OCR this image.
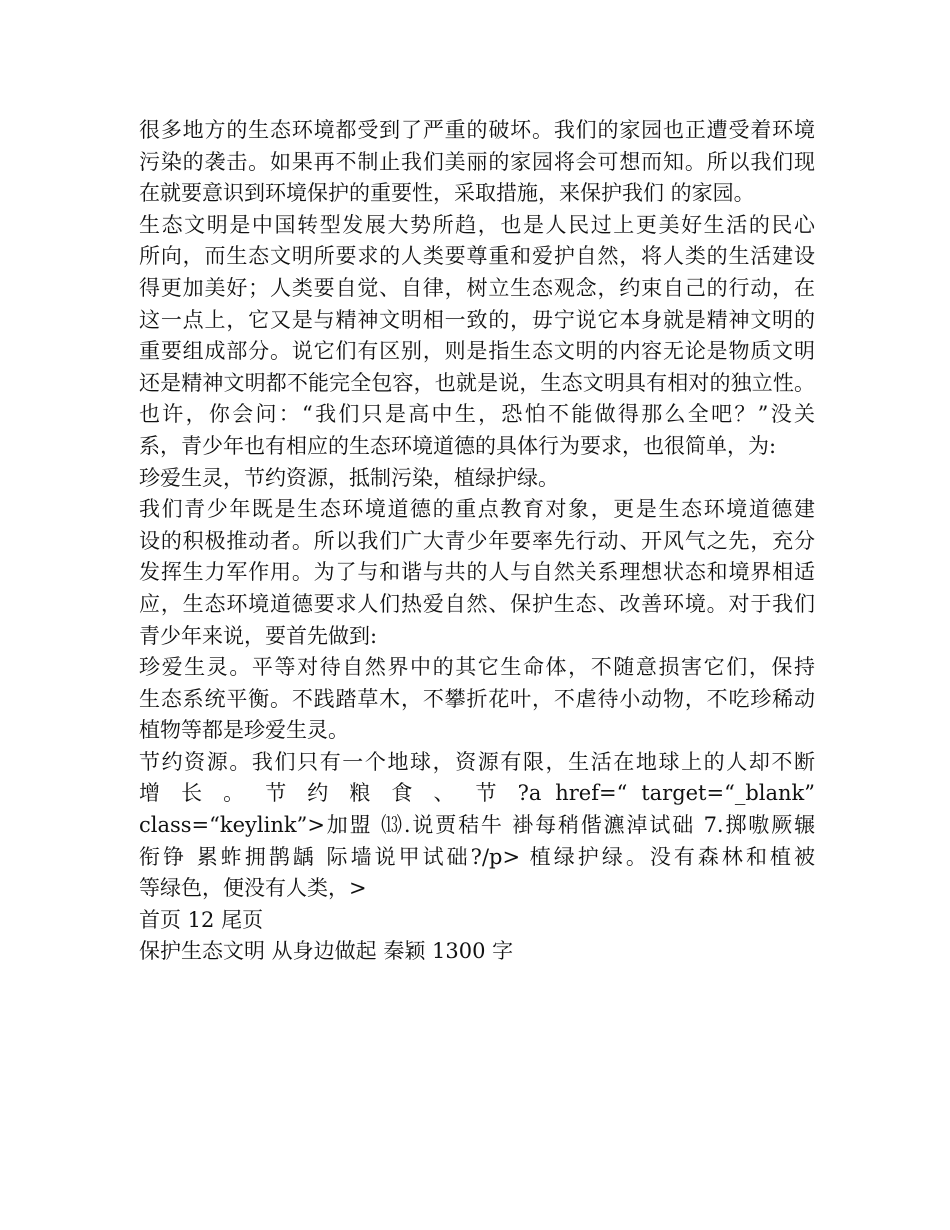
很多地方的生态环境都受到了严重的破坏。我们的家园也正遭受着环境
污染的袭击。如果再不制止我们美丽的家园将会可想而知。所以我们现
在就要意识到环境保护的重要性，采取措施，来保护我们 的家园。
生态文明是中国转型发展大势所趋，也是人民过上更美好生活的民心
所向，而生态文明所要求的人类要尊重和爱护自然，将人类的生活建设
得更加美好；人类要自觉、自律，树立生态观念，约束自己的行动，在
这一点上，它又是与精神文明相一致的，毋宁说它本身就是精神文明的
重要组成部分。说它们有区别，则是指生态文明的内容无论是物质文明
还是精神文明都不能完全包容，也就是说，生态文明具有相对的独立性。
也许，你会问：“我们只是高中生，恐怕不能做得那么全吧？”没关
系，青少年也有相应的生态环境道德的具体行为要求，也很简单，为:
珍爱生灵，节约资源，抵制污染，植绿护绿。
我们青少年既是生态环境道德的重点教育对象，更是生态环境道德建
设的积极推动者。所以我们广大青少年要率先行动、开风气之先，充分
发挥生力军作用。为了与和谐与共的人与自然关系理想状态和境界相适
应，生态环境道德要求人们热爱自然、保护生态、改善环境。对于我们
青少年来说，要首先做到:
珍爱生灵。平等对待自然界中的其它生命体，不随意损害它们，保持
生态系统平衡。不践踏草木，不攀折花叶，不虐待小动物，不吃珍稀动
植物等都是珍爱生灵。
节约资源。我们只有一个地球，资源有限，生活在地球上的人却不断
增 长 。 节 约 粮 食 、 节 ?a href=“ target=“_blank”
class=“keylink”>加盟 ⒀.说贾秸牛 褂每稍偕瀌淖试础 7.掷嗷厥辗
衔铮 累蚱拥鹊龋 际墙说甲试础?/p> 植绿护绿。没有森林和植被
等绿色，便没有人类，>
首页 12 尾页
保护生态文明 从身边做起 秦颖 1300 字
